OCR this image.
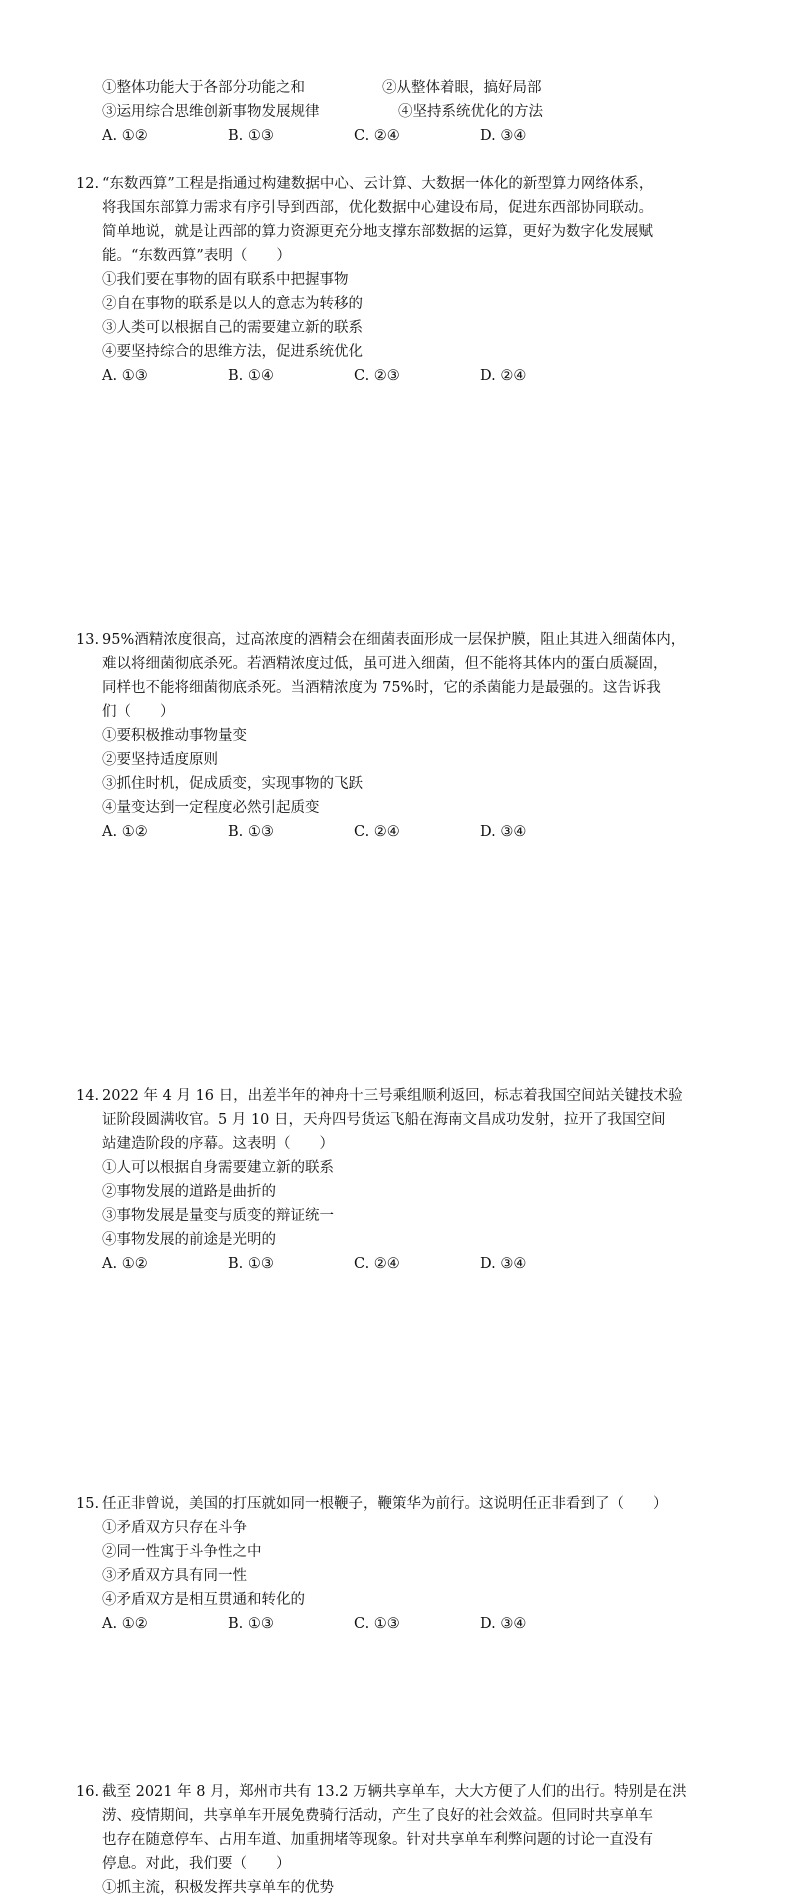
①整体功能大于各部分功能之和	②从整体着眼，搞好局部
③运用综合思维创新事物发展规律	④坚持系统优化的方法
A. ①②	B. ①③	C. ②④	D. ③④
12. “东数西算”工程是指通过构建数据中心、云计算、大数据一体化的新型算力网络体系，
将我国东部算力需求有序引导到西部，优化数据中心建设布局，促进东西部协同联动。
简单地说，就是让西部的算力资源更充分地支撑东部数据的运算，更好为数字化发展赋
能。“东数西算”表明（　　）
①我们要在事物的固有联系中把握事物
②自在事物的联系是以人的意志为转移的
③人类可以根据自己的需要建立新的联系
④要坚持综合的思维方法，促进系统优化
A. ①③	B. ①④	C. ②③	D. ②④
13. 95%酒精浓度很高，过高浓度的酒精会在细菌表面形成一层保护膜，阻止其进入细菌体内，
难以将细菌彻底杀死。若酒精浓度过低，虽可进入细菌，但不能将其体内的蛋白质凝固，
同样也不能将细菌彻底杀死。当酒精浓度为 75%时，它的杀菌能力是最强的。这告诉我
们（　　）
①要积极推动事物量变
②要坚持适度原则
③抓住时机，促成质变，实现事物的飞跃
④量变达到一定程度必然引起质变
A. ①②	B. ①③	C. ②④	D. ③④
14. 2022 年 4 月 16 日，出差半年的神舟十三号乘组顺利返回，标志着我国空间站关键技术验
证阶段圆满收官。5 月 10 日，天舟四号货运飞船在海南文昌成功发射，拉开了我国空间
站建造阶段的序幕。这表明（　　）
①人可以根据自身需要建立新的联系
②事物发展的道路是曲折的
③事物发展是量变与质变的辩证统一
④事物发展的前途是光明的
A. ①②	B. ①③	C. ②④	D. ③④
15. 任正非曾说，美国的打压就如同一根鞭子，鞭策华为前行。这说明任正非看到了（　　）
①矛盾双方只存在斗争
②同一性寓于斗争性之中
③矛盾双方具有同一性
④矛盾双方是相互贯通和转化的
A. ①②	B. ①③	C. ①③	D. ③④
16. 截至 2021 年 8 月，郑州市共有 13.2 万辆共享单车，大大方便了人们的出行。特别是在洪
涝、疫情期间，共享单车开展免费骑行活动，产生了良好的社会效益。但同时共享单车
也存在随意停车、占用车道、加重拥堵等现象。针对共享单车利弊问题的讨论一直没有
停息。对此，我们要（　　）
①抓主流，积极发挥共享单车的优势
